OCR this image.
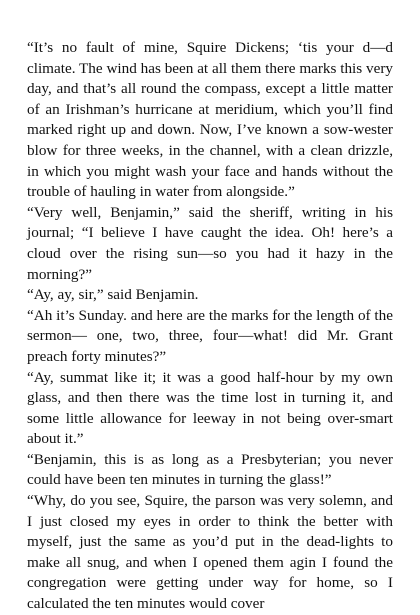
“It’s no fault of mine, Squire Dickens; ‘tis your d—d climate. The wind has been at all them there marks this very day, and that’s all round the compass, except a little matter of an Irishman’s hurricane at meridium, which you’ll find marked right up and down. Now, I’ve known a sow-wester blow for three weeks, in the channel, with a clean drizzle, in which you might wash your face and hands without the trouble of hauling in water from alongside.”

“Very well, Benjamin,” said the sheriff, writing in his journal; “I believe I have caught the idea. Oh! here’s a cloud over the rising sun—so you had it hazy in the morning?”

“Ay, ay, sir,” said Benjamin.

“Ah it’s Sunday. and here are the marks for the length of the sermon— one, two, three, four—what! did Mr. Grant preach forty minutes?”

“Ay, summat like it; it was a good half-hour by my own glass, and then there was the time lost in turning it, and some little allowance for leeway in not being over-smart about it.”

“Benjamin, this is as long as a Presbyterian; you never could have been ten minutes in turning the glass!”

“Why, do you see, Squire, the parson was very solemn, and I just closed my eyes in order to think the better with myself, just the same as you’d put in the dead-lights to make all snug, and when I opened them agin I found the congregation were getting under way for home, so I calculated the ten minutes would cover
